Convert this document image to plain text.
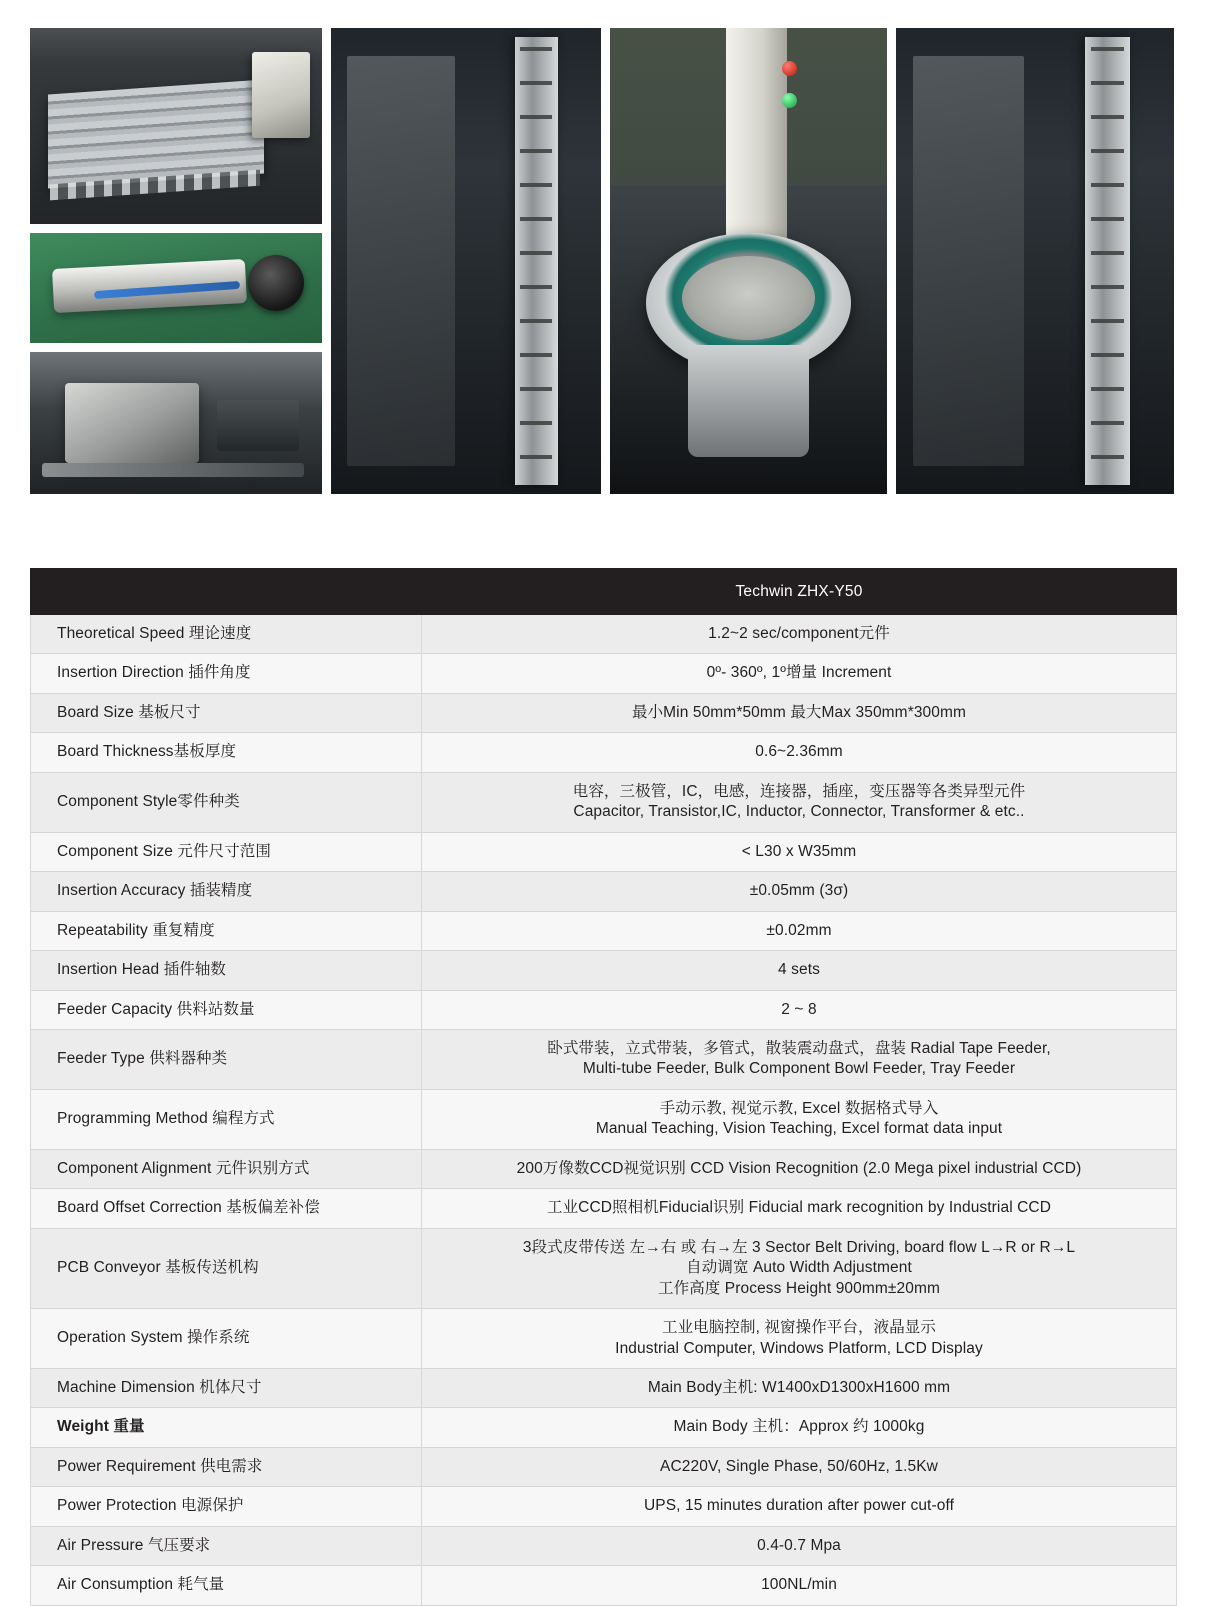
	Techwin ZHX-Y50
Theoretical Speed 理论速度	1.2~2 sec/component元件

Insertion Direction 插件角度	0º- 360º, 1º增量 Increment

Board Size 基板尺寸	最小Min 50mm*50mm 最大Max 350mm*300mm

Board Thickness基板厚度	0.6~2.36mm

Component Style零件种类	电容，三极管，IC，电感，连接器，插座，变压器等各类异型元件
Capacitor, Transistor,IC, Inductor, Connector, Transformer & etc..

Component Size 元件尺寸范围	< L30 x W35mm

Insertion Accuracy 插装精度	±0.05mm (3σ)

Repeatability 重复精度	±0.02mm

Insertion Head 插件轴数	4 sets

Feeder Capacity 供料站数量	2 ~ 8

Feeder Type 供料器种类	卧式带装，立式带装，多管式，散装震动盘式，盘装 Radial Tape Feeder,
Multi-tube Feeder, Bulk Component Bowl Feeder, Tray Feeder

Programming Method 编程方式	手动示教, 视觉示教, Excel 数据格式导入
Manual Teaching, Vision Teaching, Excel format data input

Component Alignment 元件识别方式	200万像数CCD视觉识别 CCD Vision Recognition (2.0 Mega pixel industrial CCD)

Board Offset Correction 基板偏差补偿	工业CCD照相机Fiducial识别 Fiducial mark recognition by Industrial CCD

PCB Conveyor 基板传送机构	3段式皮带传送 左→右 或 右→左 3 Sector Belt Driving, board flow L→R or R→L
自动调宽 Auto Width Adjustment
工作高度 Process Height 900mm±20mm

Operation System 操作系统	工业电脑控制, 视窗操作平台，液晶显示
Industrial Computer, Windows Platform, LCD Display

Machine Dimension 机体尺寸	Main Body主机: W1400xD1300xH1600 mm

Weight 重量	Main Body 主机：Approx 约 1000kg

Power Requirement 供电需求	AC220V, Single Phase, 50/60Hz, 1.5Kw

Power Protection 电源保护	UPS, 15 minutes duration after power cut-off

Air Pressure 气压要求	0.4-0.7 Mpa

Air Consumption 耗气量	100NL/min
